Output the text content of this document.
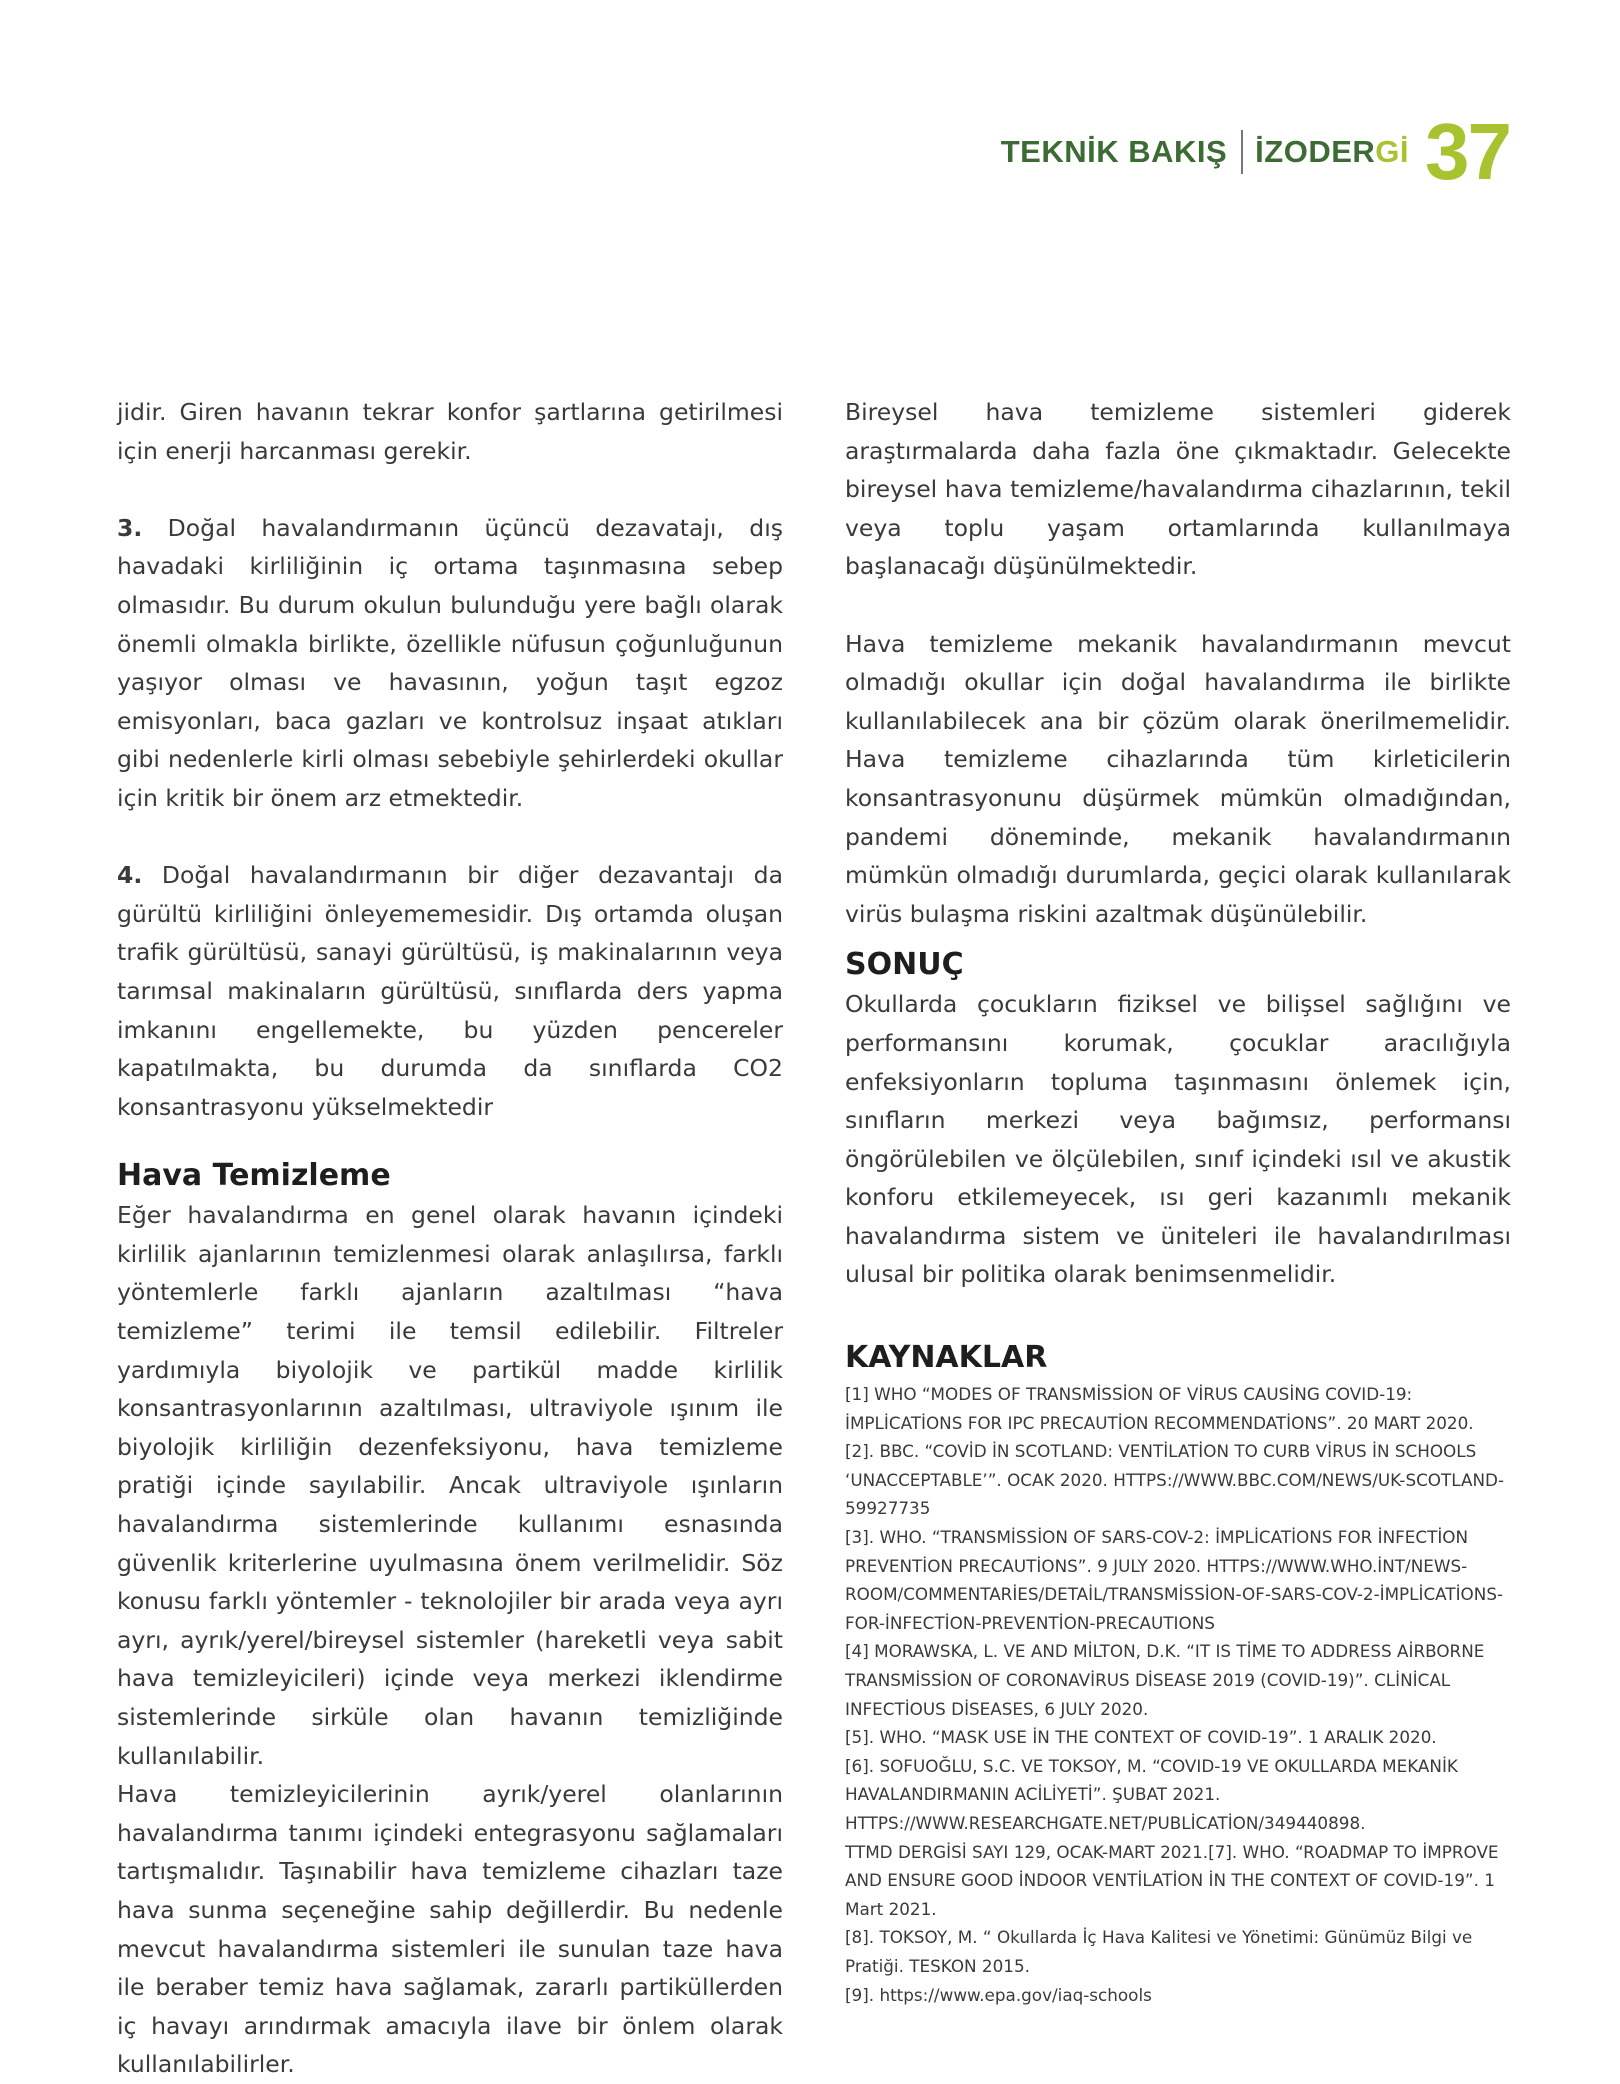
TEKNİK BAKIŞ İZODERGİ 37

jidir. Giren havanın tekrar konfor şartlarına getirilmesi için enerji harcanması gerekir.

3. Doğal havalandırmanın üçüncü dezavatajı, dış havadaki kirliliğinin iç ortama taşınmasına sebep olmasıdır. Bu durum okulun bulunduğu yere bağlı olarak önemli olmakla birlikte, özellikle nüfusun çoğunluğunun yaşıyor olması ve havasının, yoğun taşıt egzoz emisyonları, baca gazları ve kontrolsuz inşaat atıkları gibi nedenlerle kirli olması sebebiyle şehirlerdeki okullar için kritik bir önem arz etmektedir.

4. Doğal havalandırmanın bir diğer dezavantajı da gürültü kirliliğini önleyememesidir. Dış ortamda oluşan trafik gürültüsü, sanayi gürültüsü, iş makinalarının veya tarımsal makinaların gürültüsü, sınıflarda ders yapma imkanını engellemekte, bu yüzden pencereler kapatılmakta, bu durumda da sınıflarda CO2 konsantrasyonu yükselmektedir

Hava Temizleme

Eğer havalandırma en genel olarak havanın içindeki kirlilik ajanlarının temizlenmesi olarak anlaşılırsa, farklı yöntemlerle farklı ajanların azaltılması “hava temizleme” terimi ile temsil edilebilir. Filtreler yardımıyla biyolojik ve partikül madde kirlilik konsantrasyonlarının azaltılması, ultraviyole ışınım ile biyolojik kirliliğin dezenfeksiyonu, hava temizleme pratiği içinde sayılabilir. Ancak ultraviyole ışınların havalandırma sistemlerinde kullanımı esnasında güvenlik kriterlerine uyulmasına önem verilmelidir. Söz konusu farklı yöntemler - teknolojiler bir arada veya ayrı ayrı, ayrık/yerel/bireysel sistemler (hareketli veya sabit hava temizleyicileri) içinde veya merkezi iklendirme sistemlerinde sirküle olan havanın temizliğinde kullanılabilir.

Hava temizleyicilerinin ayrık/yerel olanlarının havalandırma tanımı içindeki entegrasyonu sağlamaları tartışmalıdır. Taşınabilir hava temizleme cihazları taze hava sunma seçeneğine sahip değillerdir. Bu nedenle mevcut havalandırma sistemleri ile sunulan taze hava ile beraber temiz hava sağlamak, zararlı partiküllerden iç havayı arındırmak amacıyla ilave bir önlem olarak kullanılabilirler.

Bireysel hava temizleme sistemleri giderek araştırmalarda daha fazla öne çıkmaktadır. Gelecekte bireysel hava temizleme/havalandırma cihazlarının, tekil veya toplu yaşam ortamlarında kullanılmaya başlanacağı düşünülmektedir.

Hava temizleme mekanik havalandırmanın mevcut olmadığı okullar için doğal havalandırma ile birlikte kullanılabilecek ana bir çözüm olarak önerilmemelidir. Hava temizleme cihazlarında tüm kirleticilerin konsantrasyonunu düşürmek mümkün olmadığından, pandemi döneminde, mekanik havalandırmanın mümkün olmadığı durumlarda, geçici olarak kullanılarak virüs bulaşma riskini azaltmak düşünülebilir.

SONUÇ

Okullarda çocukların fiziksel ve bilişsel sağlığını ve performansını korumak, çocuklar aracılığıyla enfeksiyonların topluma taşınmasını önlemek için, sınıfların merkezi veya bağımsız, performansı öngörülebilen ve ölçülebilen, sınıf içindeki ısıl ve akustik konforu etkilemeyecek, ısı geri kazanımlı mekanik havalandırma sistem ve üniteleri ile havalandırılması ulusal bir politika olarak benimsenmelidir.

KAYNAKLAR

[1] WHO “MODES OF TRANSMİSSİON OF VİRUS CAUSİNG COVID-19: İMPLİCATİONS FOR IPC PRECAUTİON RECOMMENDATİONS”. 20 MART 2020.

[2]. BBC. “COVİD İN SCOTLAND: VENTİLATİON TO CURB VİRUS İN SCHOOLS ‘UNACCEPTABLE’”. OCAK 2020. HTTPS://WWW.BBC.COM/NEWS/UK-SCOTLAND-59927735

[3]. WHO. “TRANSMİSSİON OF SARS-COV-2: İMPLİCATİONS FOR İNFECTİON PREVENTİON PRECAUTİONS”. 9 JULY 2020. HTTPS://WWW.WHO.İNT/NEWS-ROOM/COMMENTARİES/DETAİL/TRANSMİSSİON-OF-SARS-COV-2-İMPLİCATİONS-FOR-İNFECTİON-PREVENTİON-PRECAUTIONS

[4] MORAWSKA, L. VE AND MİLTON, D.K. “IT IS TİME TO ADDRESS AİRBORNE TRANSMİSSİON OF CORONAVİRUS DİSEASE 2019 (COVID-19)”. CLİNİCAL INFECTİOUS DİSEASES, 6 JULY 2020.

[5]. WHO. “MASK USE İN THE CONTEXT OF COVID-19”. 1 ARALIK 2020.

[6]. SOFUOĞLU, S.C. VE TOKSOY, M. “COVID-19 VE OKULLARDA MEKANİK HAVALANDIRMANIN ACİLİYETİ”. ŞUBAT 2021. HTTPS://WWW.RESEARCHGATE.NET/PUBLİCATİON/349440898.

TTMD DERGİSİ SAYI 129, OCAK-MART 2021.[7]. WHO. “ROADMAP TO İMPROVE AND ENSURE GOOD İNDOOR VENTİLATİON İN THE CONTEXT OF COVID-19”. 1 Mart 2021.

[8]. TOKSOY, M. “ Okullarda İç Hava Kalitesi ve Yönetimi: Günümüz Bilgi ve Pratiği. TESKON 2015.

[9]. https://www.epa.gov/iaq-schools
